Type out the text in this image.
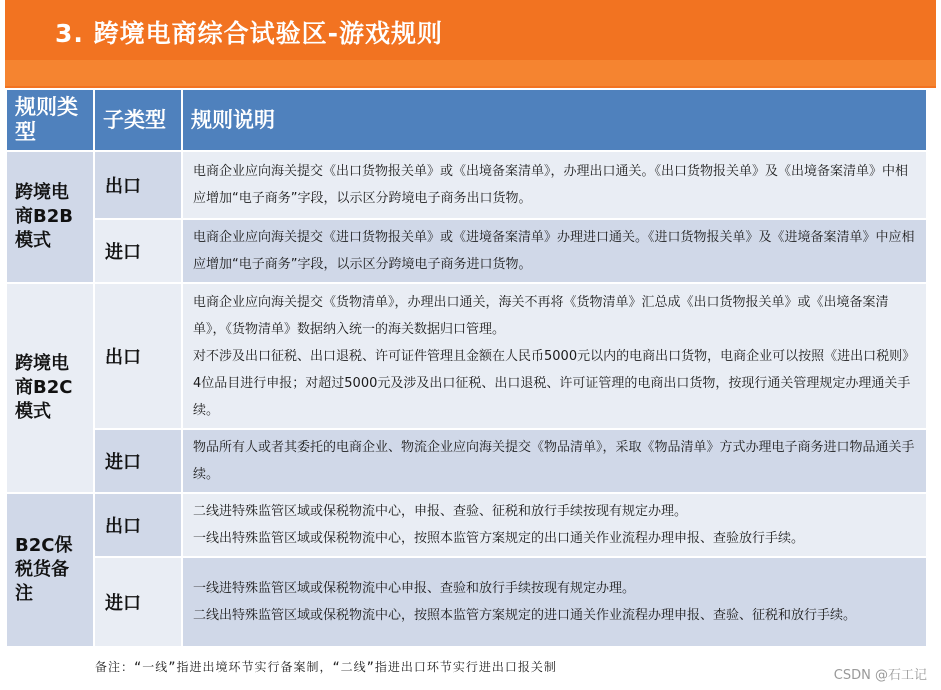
3. 跨境电商综合试验区-游戏规则
规则类型	子类型	规则说明
跨境电商B2B模式	出口	电商企业应向海关提交《出口货物报关单》或《出境备案清单》，办理出口通关。《出口货物报关单》及《出境备案清单》中相应增加“电子商务”字段，以示区分跨境电子商务出口货物。

	进口	电商企业应向海关提交《进口货物报关单》或《进境备案清单》办理进口通关。《进口货物报关单》及《进境备案清单》中应相应增加“电子商务”字段，以示区分跨境电子商务进口货物。

跨境电商B2C模式	出口	电商企业应向海关提交《货物清单》，办理出口通关，海关不再将《货物清单》汇总成《出口货物报关单》或《出境备案清单》，《货物清单》数据纳入统一的海关数据归口管理。
对不涉及出口征税、出口退税、许可证件管理且金额在人民币5000元以内的电商出口货物，电商企业可以按照《进出口税则》4位品目进行申报；对超过5000元及涉及出口征税、出口退税、许可证管理的电商出口货物，按现行通关管理规定办理通关手续。

	进口	物品所有人或者其委托的电商企业、物流企业应向海关提交《物品清单》，采取《物品清单》方式办理电子商务进口物品通关手续。

B2C保税货备注	出口	二线进特殊监管区域或保税物流中心，申报、查验、征税和放行手续按现有规定办理。
一线出特殊监管区域或保税物流中心，按照本监管方案规定的出口通关作业流程办理申报、查验放行手续。

	进口	一线进特殊监管区域或保税物流中心申报、查验和放行手续按现有规定办理。
二线出特殊监管区域或保税物流中心，按照本监管方案规定的进口通关作业流程办理申报、查验、征税和放行手续。
备注：“一线”指进出境环节实行备案制，“二线”指进出口环节实行进出口报关制
CSDN @石工记
